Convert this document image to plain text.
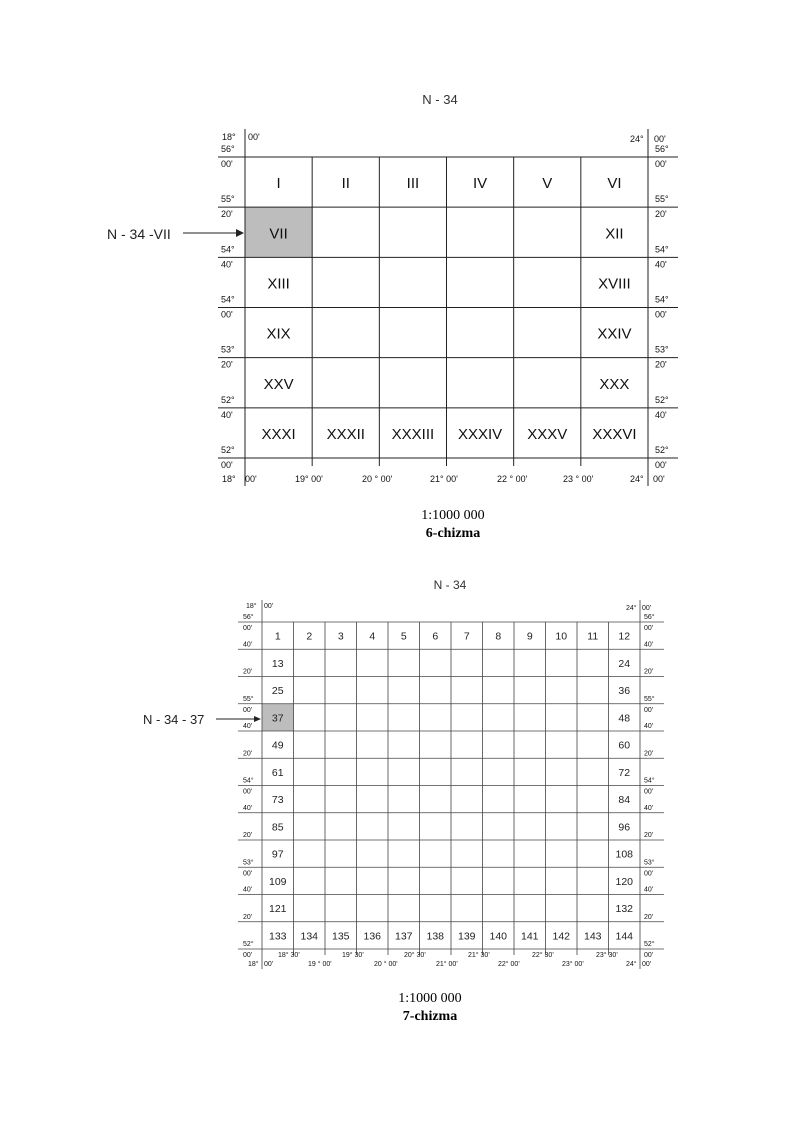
N - 34
I	II	III	IV	V	VI
VII	XII
XIII	XVIII
XIX	XXIV
XXV	XXX
XXXI XXXII XXXIII XXXIV XXXV XXXVI
18° 00'	24° 00'
56°
00'
56°
00'
55°
20'
55°
20'
54°
40'
54°
40'
54°
00'
54°
00'
53°
20'
53°
20'
52°
40'
52°
40'
52°
00'
52°
00'
18° 00'	19° 00'	20 ° 00'	21° 00'	22 ° 00'	23 ° 00'	24° 00'
N - 34 -VII
1:1000 000
6-chizma
N - 34
1 2 3 4 5 6 7 8 9 10 11 12
13	24
25	36
37	48
49	60
61	72
73	84
85	96
97	108
109	120
121	132
133 134 135 136 137 138 139 140 141 142 143 144
18° 00'	24° 00'
56°
00'
56°
00'
40'	40'
20'	20'
55°
00'
55°
00'
40'	40'
20'	20'
54°
00'
54°
00'
40'	40'
20'	20'
53°
00'
53°
00'
40'	40'
20'	20'
52°
00'
52°
00'
18° 00'
18° 30'
19 ° 00'
19° 30'
20 ° 00'
20° 30'
21° 00'
21° 30'
22° 00'
22° 30'
23° 00'
23° 30'
24° 00'
N - 34 - 37
1:1000 000
7-chizma
